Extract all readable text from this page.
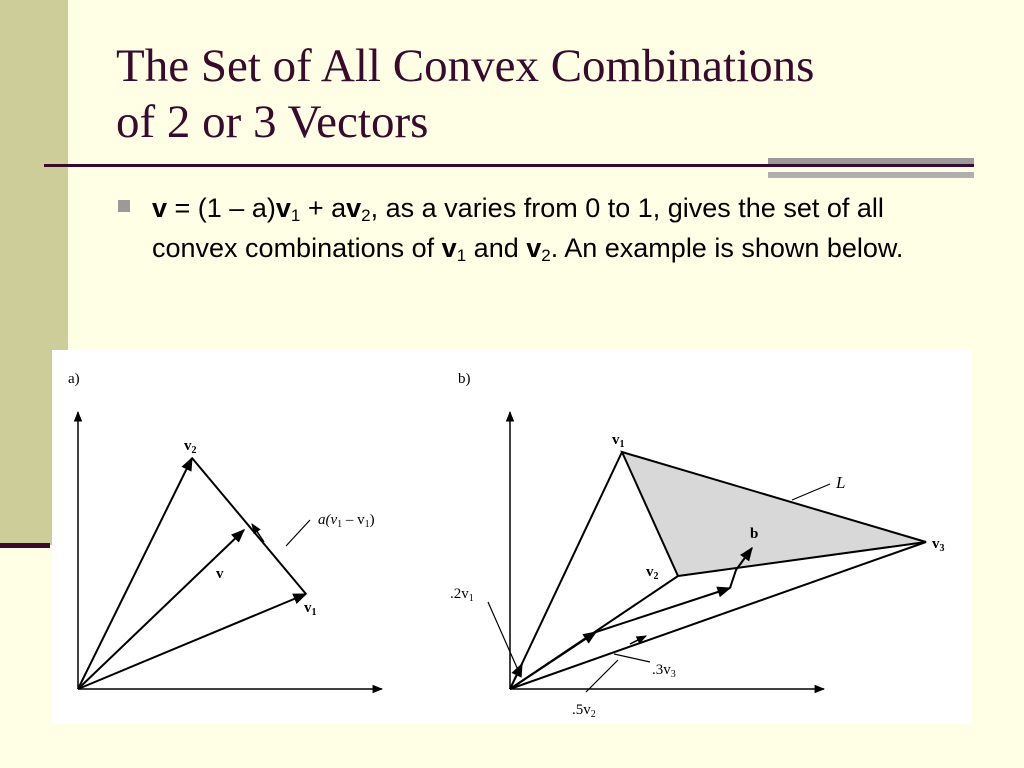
The Set of All Convex Combinations
of 2 or 3 Vectors
$v = (1 - a)v_1 + av_2$, as a varies from 0 to 1, gives the set of all convex combinations of $v_1$ and $v_2$. An example is shown below.
a)
$v_2$
v
$v_1$
$a(v_1 - v_1)$
b)
$v_1$
L
b
$v_3$
$v_2$
$.2v_1$
$.3v_3$
$.5v_2$
